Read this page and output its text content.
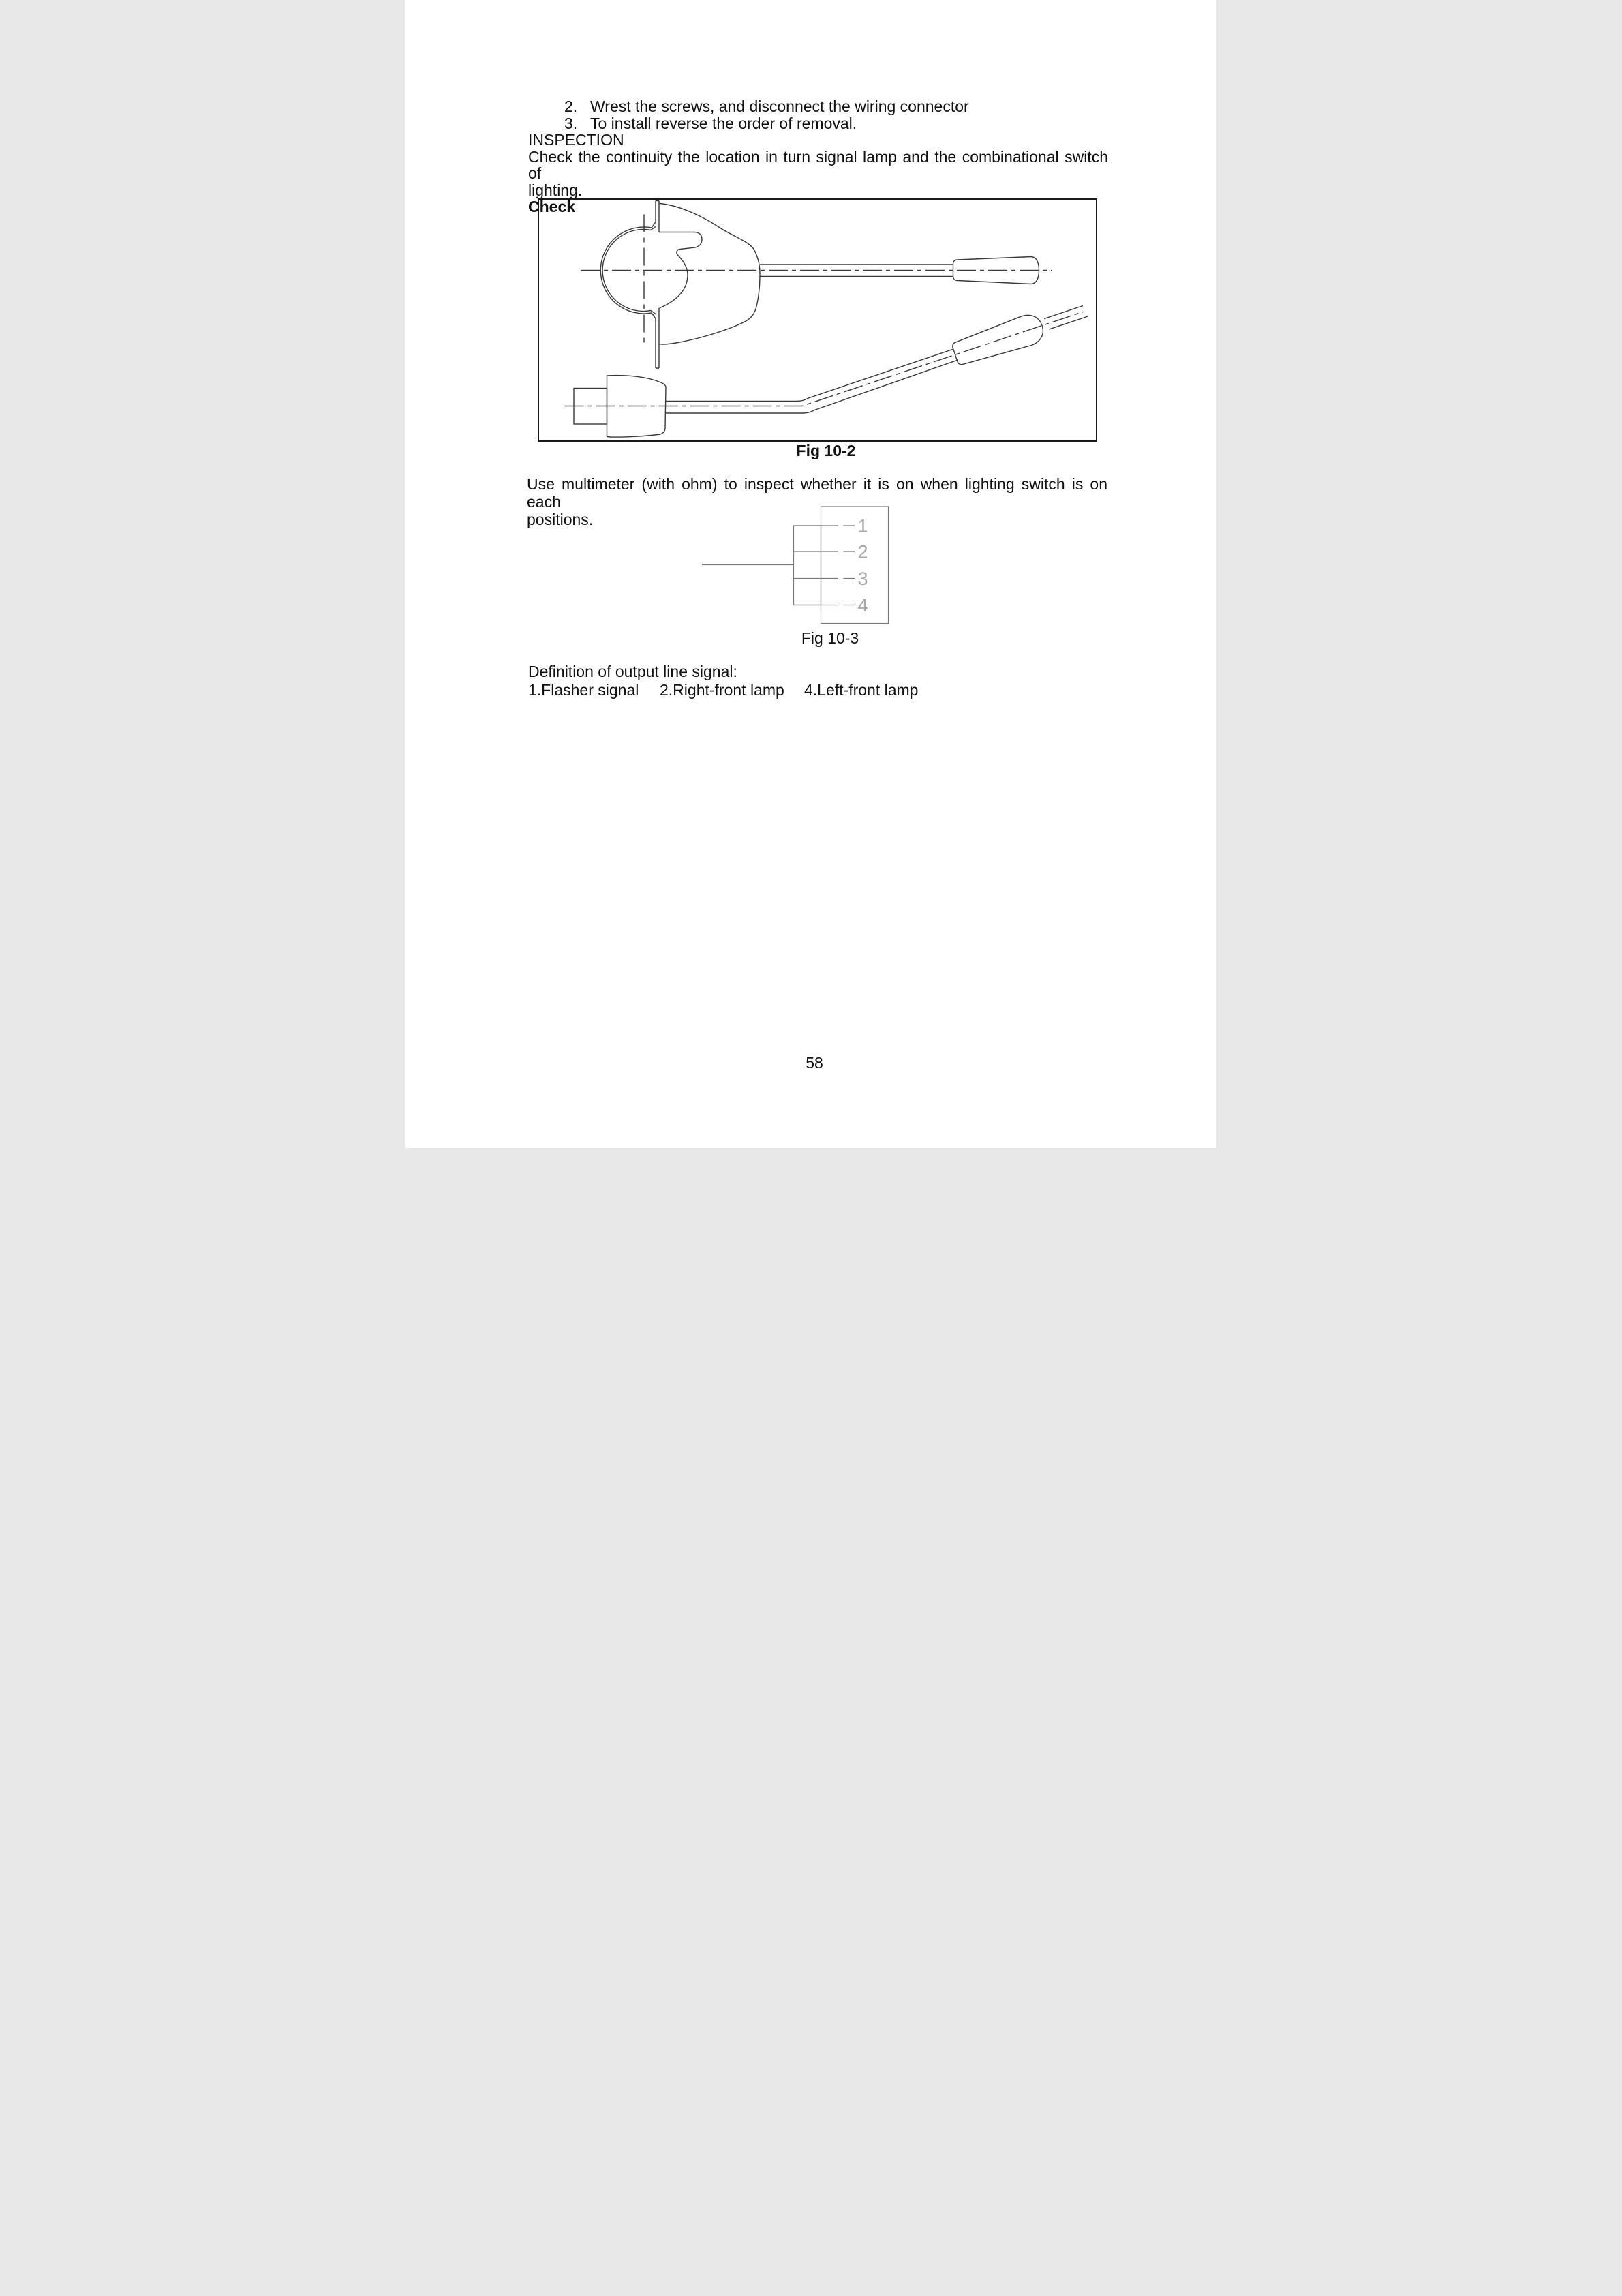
2. Wrest the screws, and disconnect the wiring connector
3. To install reverse the order of removal.
INSPECTION
Check the continuity the location in turn signal lamp and the combinational switch of
lighting.
Check
Fig 10-2
Use multimeter (with ohm) to inspect whether it is on when lighting switch is on each
positions.	1
2
3
4
Fig 10-3
Definition of output line signal:
1.Flasher signal 2.Right-front lamp 4.Left-front lamp
58
